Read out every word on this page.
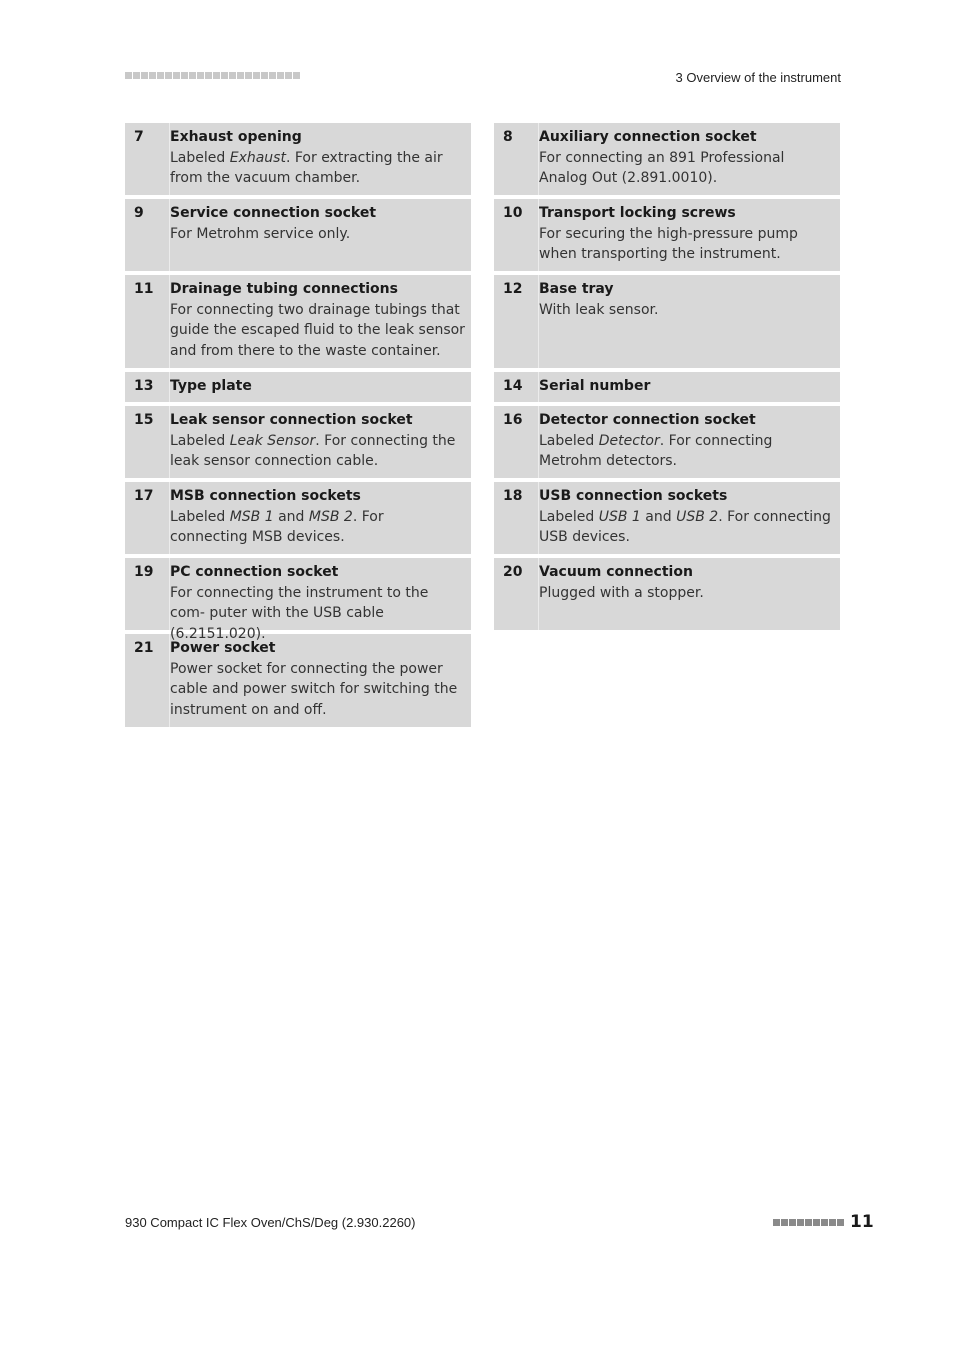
3 Overview of the instrument
7	Exhaust opening
Labeled Exhaust. For extracting the air from the vacuum chamber.
9	Service connection socket
For Metrohm service only.
11	Drainage tubing connections
For connecting two drainage tubings that guide the escaped fluid to the leak sensor and from there to the waste container.
13	Type plate
15	Leak sensor connection socket
Labeled Leak Sensor. For connecting the leak sensor connection cable.
17	MSB connection sockets
Labeled MSB 1 and MSB 2. For connecting MSB devices.
19	PC connection socket
For connecting the instrument to the com- puter with the USB cable (6.2151.020).
21	Power socket
Power socket for connecting the power cable and power switch for switching the instrument on and off.
8	Auxiliary connection socket
For connecting an 891 Professional Analog Out (2.891.0010).
10	Transport locking screws
For securing the high-pressure pump when transporting the instrument.
12	Base tray
With leak sensor.
14	Serial number
16	Detector connection socket
Labeled Detector. For connecting Metrohm detectors.
18	USB connection sockets
Labeled USB 1 and USB 2. For connecting USB devices.
20	Vacuum connection
Plugged with a stopper.
930 Compact IC Flex Oven/ChS/Deg (2.930.2260)	11
